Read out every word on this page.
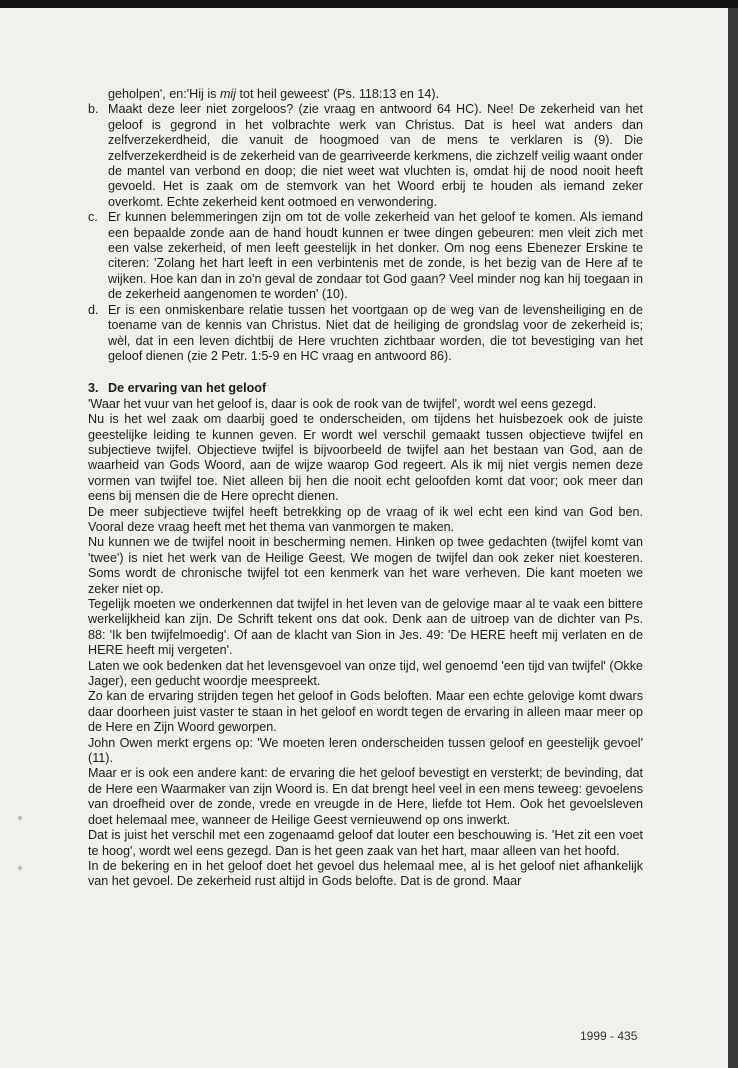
geholpen', en:'Hij is mij tot heil geweest' (Ps. 118:13 en 14).

b. Maakt deze leer niet zorgeloos? (zie vraag en antwoord 64 HC). Nee! De zekerheid van het geloof is gegrond in het volbrachte werk van Christus. Dat is heel wat anders dan zelfverzekerdheid, die vanuit de hoogmoed van de mens te verklaren is (9). Die zelfverzekerdheid is de zekerheid van de gearriveerde kerkmens, die zichzelf veilig waant onder de mantel van verbond en doop; die niet weet wat vluchten is, omdat hij de nood nooit heeft gevoeld. Het is zaak om de stemvork van het Woord erbij te houden als iemand zeker overkomt. Echte zekerheid kent ootmoed en verwondering.

c. Er kunnen belemmeringen zijn om tot de volle zekerheid van het geloof te komen. Als iemand een bepaalde zonde aan de hand houdt kunnen er twee dingen gebeuren: men vleit zich met een valse zekerheid, of men leeft geestelijk in het donker. Om nog eens Ebenezer Erskine te citeren: 'Zolang het hart leeft in een verbintenis met de zonde, is het bezig van de Here af te wijken. Hoe kan dan in zo'n geval de zondaar tot God gaan? Veel minder nog kan hij toegaan in de zekerheid aangenomen te worden' (10).

d. Er is een onmiskenbare relatie tussen het voortgaan op de weg van de levensheiliging en de toename van de kennis van Christus. Niet dat de heiliging de grondslag voor de zekerheid is; wèl, dat in een leven dichtbij de Here vruchten zichtbaar worden, die tot bevestiging van het geloof dienen (zie 2 Petr. 1:5-9 en HC vraag en antwoord 86).

3. De ervaring van het geloof

'Waar het vuur van het geloof is, daar is ook de rook van de twijfel', wordt wel eens gezegd.

Nu is het wel zaak om daarbij goed te onderscheiden, om tijdens het huisbezoek ook de juiste geestelijke leiding te kunnen geven. Er wordt wel verschil gemaakt tussen objectieve twijfel en subjectieve twijfel. Objectieve twijfel is bijvoorbeeld de twijfel aan het bestaan van God, aan de waarheid van Gods Woord, aan de wijze waarop God regeert. Als ik mij niet vergis nemen deze vormen van twijfel toe. Niet alleen bij hen die nooit echt geloofden komt dat voor; ook meer dan eens bij mensen die de Here oprecht dienen.

De meer subjectieve twijfel heeft betrekking op de vraag of ik wel echt een kind van God ben. Vooral deze vraag heeft met het thema van vanmorgen te maken.

Nu kunnen we de twijfel nooit in bescherming nemen. Hinken op twee gedachten (twijfel komt van 'twee') is niet het werk van de Heilige Geest. We mogen de twijfel dan ook zeker niet koesteren. Soms wordt de chronische twijfel tot een kenmerk van het ware verheven. Die kant moeten we zeker niet op.

Tegelijk moeten we onderkennen dat twijfel in het leven van de gelovige maar al te vaak een bittere werkelijkheid kan zijn. De Schrift tekent ons dat ook. Denk aan de uitroep van de dichter van Ps. 88: 'Ik ben twijfelmoedig'. Of aan de klacht van Sion in Jes. 49: 'De HERE heeft mij verlaten en de HERE heeft mij vergeten'.

Laten we ook bedenken dat het levensgevoel van onze tijd, wel genoemd 'een tijd van twijfel' (Okke Jager), een geducht woordje meespreekt.

Zo kan de ervaring strijden tegen het geloof in Gods beloften. Maar een echte gelovige komt dwars daar doorheen juist vaster te staan in het geloof en wordt tegen de ervaring in alleen maar meer op de Here en Zijn Woord geworpen.

John Owen merkt ergens op: 'We moeten leren onderscheiden tussen geloof en geestelijk gevoel' (11).

Maar er is ook een andere kant: de ervaring die het geloof bevestigt en versterkt; de bevinding, dat de Here een Waarmaker van zijn Woord is. En dat brengt heel veel in een mens teweeg: gevoelens van droefheid over de zonde, vrede en vreugde in de Here, liefde tot Hem. Ook het gevoelsleven doet helemaal mee, wanneer de Heilige Geest vernieuwend op ons inwerkt.

Dat is juist het verschil met een zogenaamd geloof dat louter een beschouwing is. 'Het zit een voet te hoog', wordt wel eens gezegd. Dan is het geen zaak van het hart, maar alleen van het hoofd.

In de bekering en in het geloof doet het gevoel dus helemaal mee, al is het geloof niet afhankelijk van het gevoel. De zekerheid rust altijd in Gods belofte. Dat is de grond. Maar

1999 - 435
